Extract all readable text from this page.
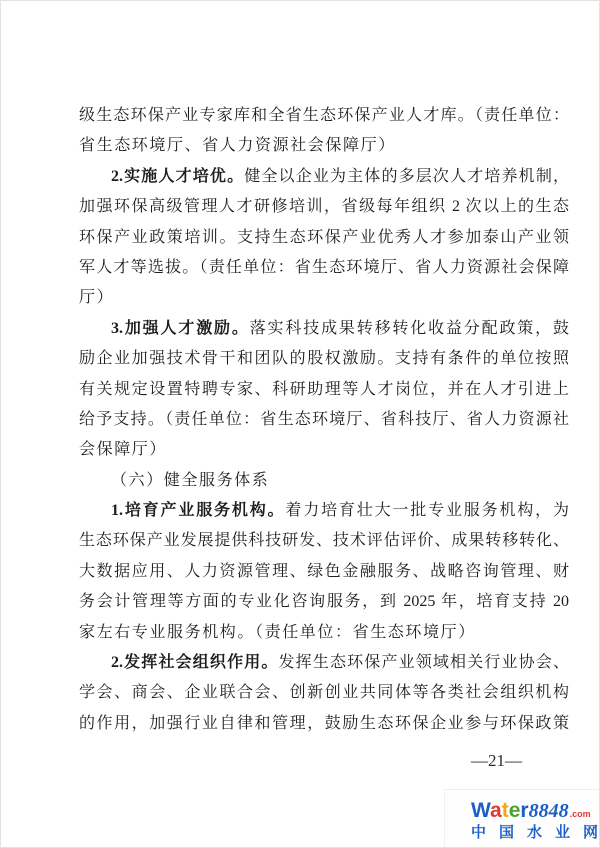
级生态环保产业专家库和全省生态环保产业人才库。（责任单位：
省生态环境厅、省人力资源社会保障厅）
2.实施人才培优。健全以企业为主体的多层次人才培养机制，
加强环保高级管理人才研修培训，省级每年组织 2 次以上的生态
环保产业政策培训。支持生态环保产业优秀人才参加泰山产业领
军人才等选拔。（责任单位：省生态环境厅、省人力资源社会保障
厅）
3.加强人才激励。落实科技成果转移转化收益分配政策，鼓
励企业加强技术骨干和团队的股权激励。支持有条件的单位按照
有关规定设置特聘专家、科研助理等人才岗位，并在人才引进上
给予支持。（责任单位：省生态环境厅、省科技厅、省人力资源社
会保障厅）
（六）健全服务体系
1.培育产业服务机构。着力培育壮大一批专业服务机构，为
生态环保产业发展提供科技研发、技术评估评价、成果转移转化、
大数据应用、人力资源管理、绿色金融服务、战略咨询管理、财
务会计管理等方面的专业化咨询服务，到 2025 年，培育支持 20
家左右专业服务机构。（责任单位：省生态环境厅）
2.发挥社会组织作用。发挥生态环保产业领域相关行业协会、
学会、商会、企业联合会、创新创业共同体等各类社会组织机构
的作用，加强行业自律和管理，鼓励生态环保企业参与环保政策
—21—
Water8848.com
中 国 水 业 网
